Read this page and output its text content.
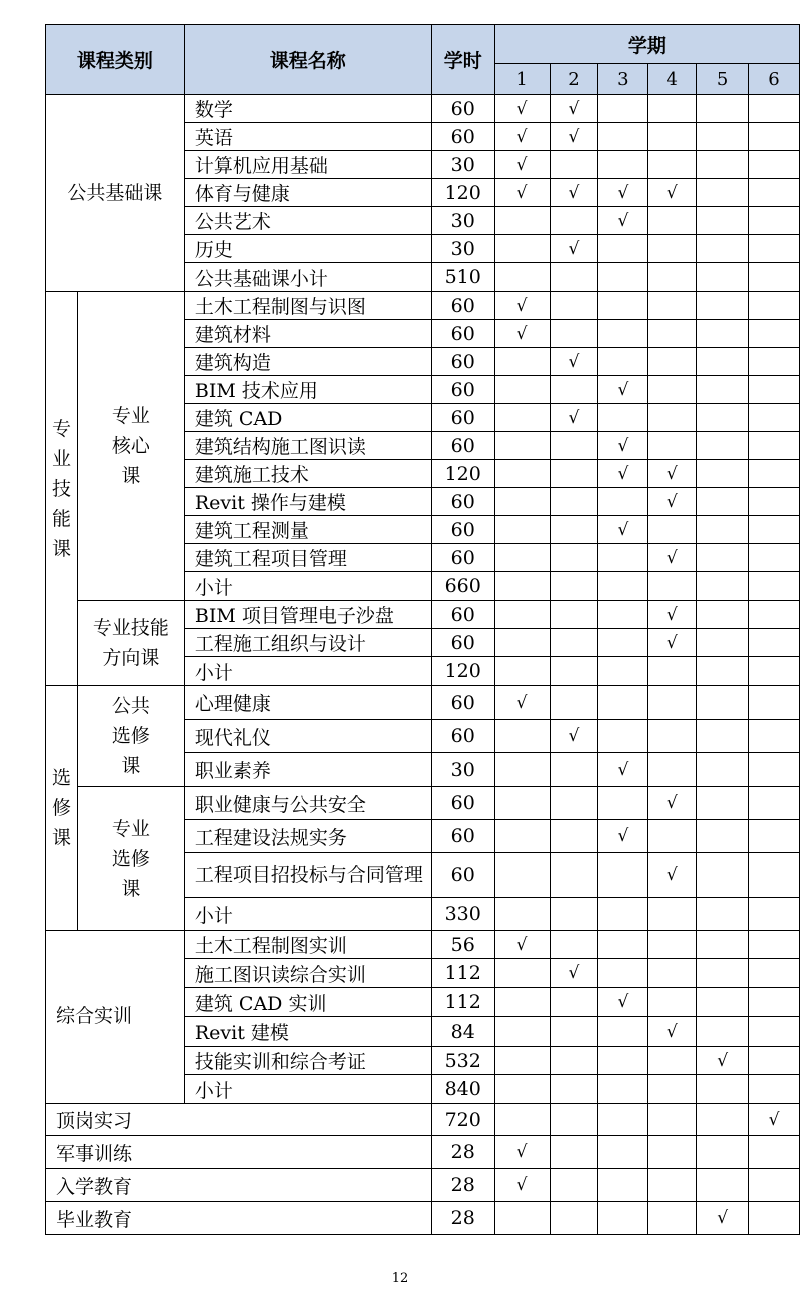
课程类别		课程名称	学时	学期					
				1	2	3	4	5	6
公共基础课		数学	60	√	√				
		英语	60	√	√				
		计算机应用基础	30	√					
		体育与健康	120	√	√	√	√		
		公共艺术	30			√			
		历史	30		√				
		公共基础课小计	510						
专业技能课	专业核心课	土木工程制图与识图	60	√					
		建筑材料	60	√					
		建筑构造	60		√				
		BIM 技术应用	60			√			
		建筑 CAD	60		√				
		建筑结构施工图识读	60			√			
		建筑施工技术	120			√	√		
		Revit 操作与建模	60				√		
		建筑工程测量	60			√			
		建筑工程项目管理	60				√		
		小计	660						
	专业技能方向课	BIM 项目管理电子沙盘	60				√		
		工程施工组织与设计	60				√		
		小计	120						
选修课	公共选修课	心理健康	60	√					
		现代礼仪	60		√				
		职业素养	30			√			
	专业选修课	职业健康与公共安全	60				√		
		工程建设法规实务	60			√			
		工程项目招投标与合同管理	60				√		
		小计	330						
综合实训		土木工程制图实训	56	√					
		施工图识读综合实训	112		√				
		建筑 CAD 实训	112			√			
		Revit 建模	84				√		
		技能实训和综合考证	532					√	
		小计	840						
顶岗实习			720						√
军事训练			28	√					
入学教育			28	√					
毕业教育			28					√	
12
